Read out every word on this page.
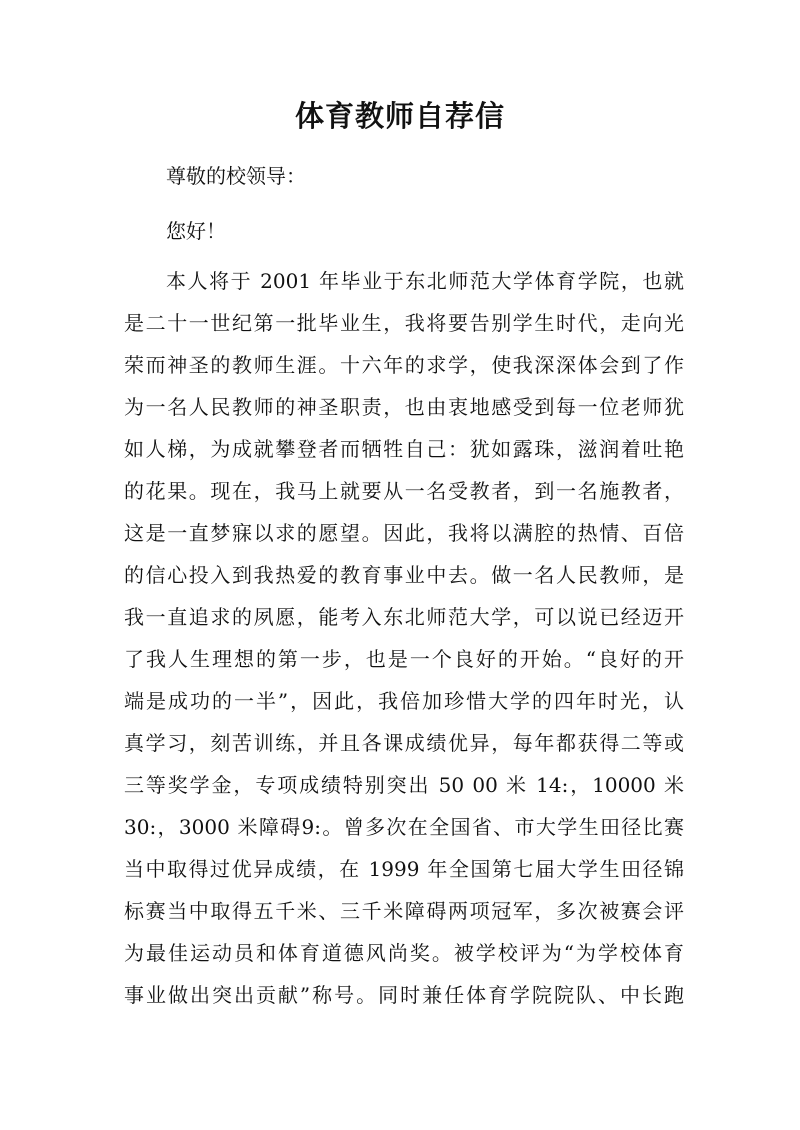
体育教师自荐信

尊敬的校领导：

您好！

本人将于 2001 年毕业于东北师范大学体育学院，也就
是二十一世纪第一批毕业生，我将要告别学生时代，走向光
荣而神圣的教师生涯。十六年的求学，使我深深体会到了作
为一名人民教师的神圣职责，也由衷地感受到每一位老师犹
如人梯，为成就攀登者而牺牲自己：犹如露珠，滋润着吐艳
的花果。现在，我马上就要从一名受教者，到一名施教者，
这是一直梦寐以求的愿望。因此，我将以满腔的热情、百倍
的信心投入到我热爱的教育事业中去。做一名人民教师，是
我一直追求的夙愿，能考入东北师范大学，可以说已经迈开
了我人生理想的第一步，也是一个良好的开始。“良好的开
端是成功的一半”，因此，我倍加珍惜大学的四年时光，认
真学习，刻苦训练，并且各课成绩优异，每年都获得二等或
三等奖学金，专项成绩特别突出 50 00 米 14:，10000 米
30:，3000 米障碍9:。曾多次在全国省、市大学生田径比赛
当中取得过优异成绩，在 1999 年全国第七届大学生田径锦
标赛当中取得五千米、三千米障碍两项冠军，多次被赛会评
为最佳运动员和体育道德风尚奖。被学校评为“为学校体育
事业做出突出贡献”称号。同时兼任体育学院院队、中长跑
